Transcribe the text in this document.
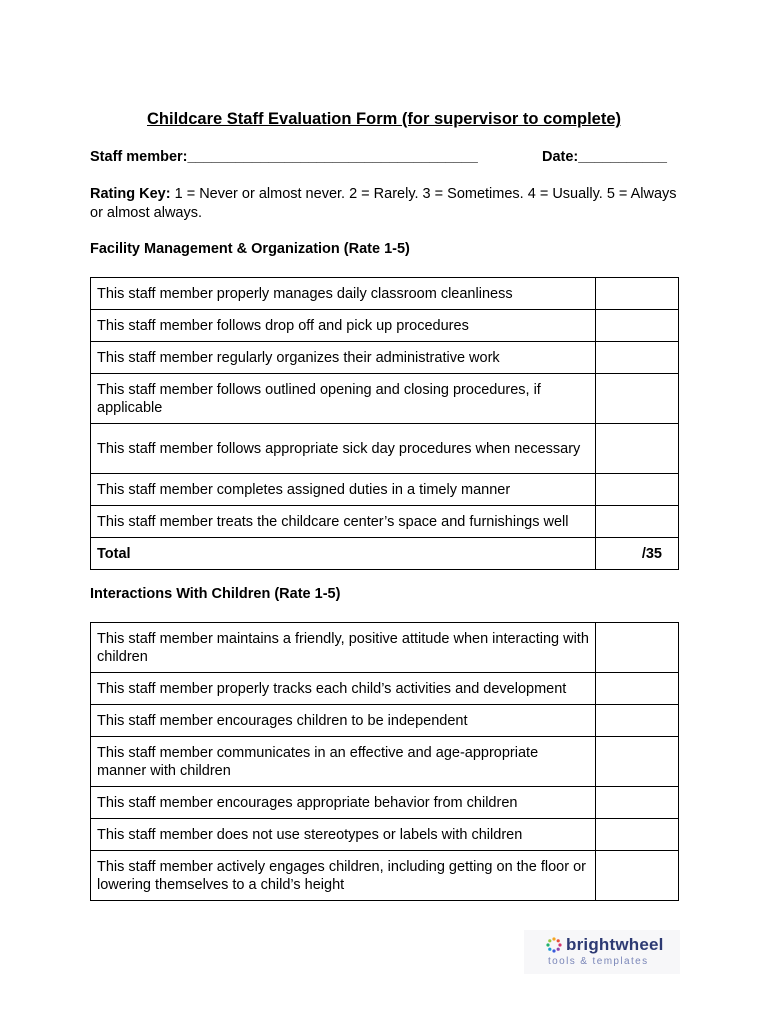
Childcare Staff Evaluation Form (for supervisor to complete)
Staff member:____________________________________	Date:___________
Rating Key: 1 = Never or almost never. 2 = Rarely. 3 = Sometimes. 4 = Usually. 5 = Always or almost always.
Facility Management & Organization (Rate 1-5)
This staff member properly manages daily classroom cleanliness	
This staff member follows drop off and pick up procedures	
This staff member regularly organizes their administrative work	
This staff member follows outlined opening and closing procedures, if applicable	
This staff member follows appropriate sick day procedures when necessary	
This staff member completes assigned duties in a timely manner	
This staff member treats the childcare center’s space and furnishings well	
Total	/35
Interactions With Children (Rate 1-5)
This staff member maintains a friendly, positive attitude when interacting with children	
This staff member properly tracks each child’s activities and development	
This staff member encourages children to be independent	
This staff member communicates in an effective and age-appropriate manner with children	
This staff member encourages appropriate behavior from children	
This staff member does not use stereotypes or labels with children	
This staff member actively engages children, including getting on the floor or lowering themselves to a child’s height	
brightwheel
tools & templates
